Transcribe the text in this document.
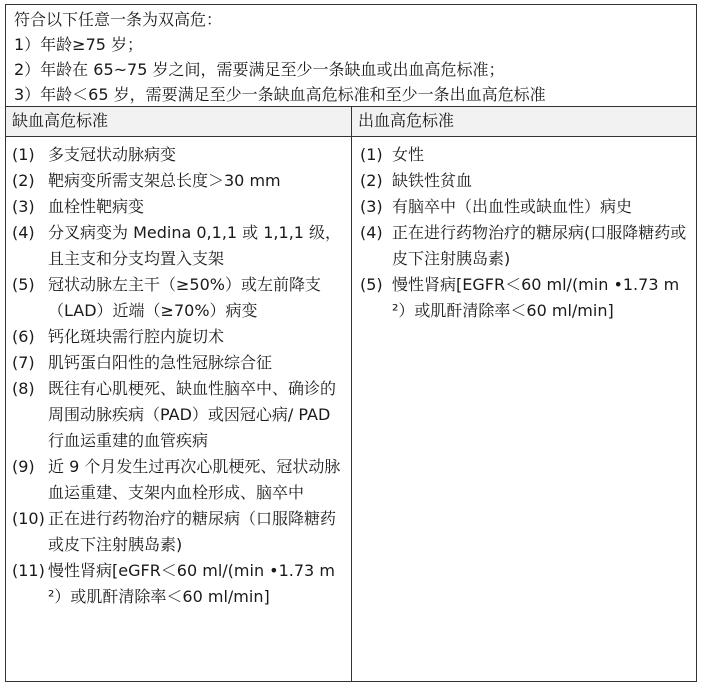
符合以下任意一条为双高危：
1）年龄≥75 岁；
2）年龄在 65~75 岁之间，需要满足至少一条缺血或出血高危标准；
3）年龄＜65 岁，需要满足至少一条缺血高危标准和至少一条出血高危标准
缺血高危标准	出血高危标准
(1) 多支冠状动脉病变
(2) 靶病变所需支架总长度＞30 mm
(3) 血栓性靶病变
(4) 分叉病变为 Medina 0,1,1 或 1,1,1 级，且主支和分支均置入支架
(5) 冠状动脉左主干（≥50%）或左前降支（LAD）近端（≥70%）病变
(6) 钙化斑块需行腔内旋切术
(7) 肌钙蛋白阳性的急性冠脉综合征
(8) 既往有心肌梗死、缺血性脑卒中、确诊的周围动脉疾病（PAD）或因冠心病/ PAD 行血运重建的血管疾病
(9) 近 9 个月发生过再次心肌梗死、冠状动脉血运重建、支架内血栓形成、脑卒中
(10) 正在进行药物治疗的糖尿病（口服降糖药或皮下注射胰岛素)
(11) 慢性肾病[eGFR＜60 ml/(min •1.73 m²）或肌酐清除率＜60 ml/min]
(1) 女性
(2) 缺铁性贫血
(3) 有脑卒中（出血性或缺血性）病史
(4) 正在进行药物治疗的糖尿病(口服降糖药或皮下注射胰岛素)
(5) 慢性肾病[EGFR＜60 ml/(min •1.73 m²）或肌酐清除率＜60 ml/min]
